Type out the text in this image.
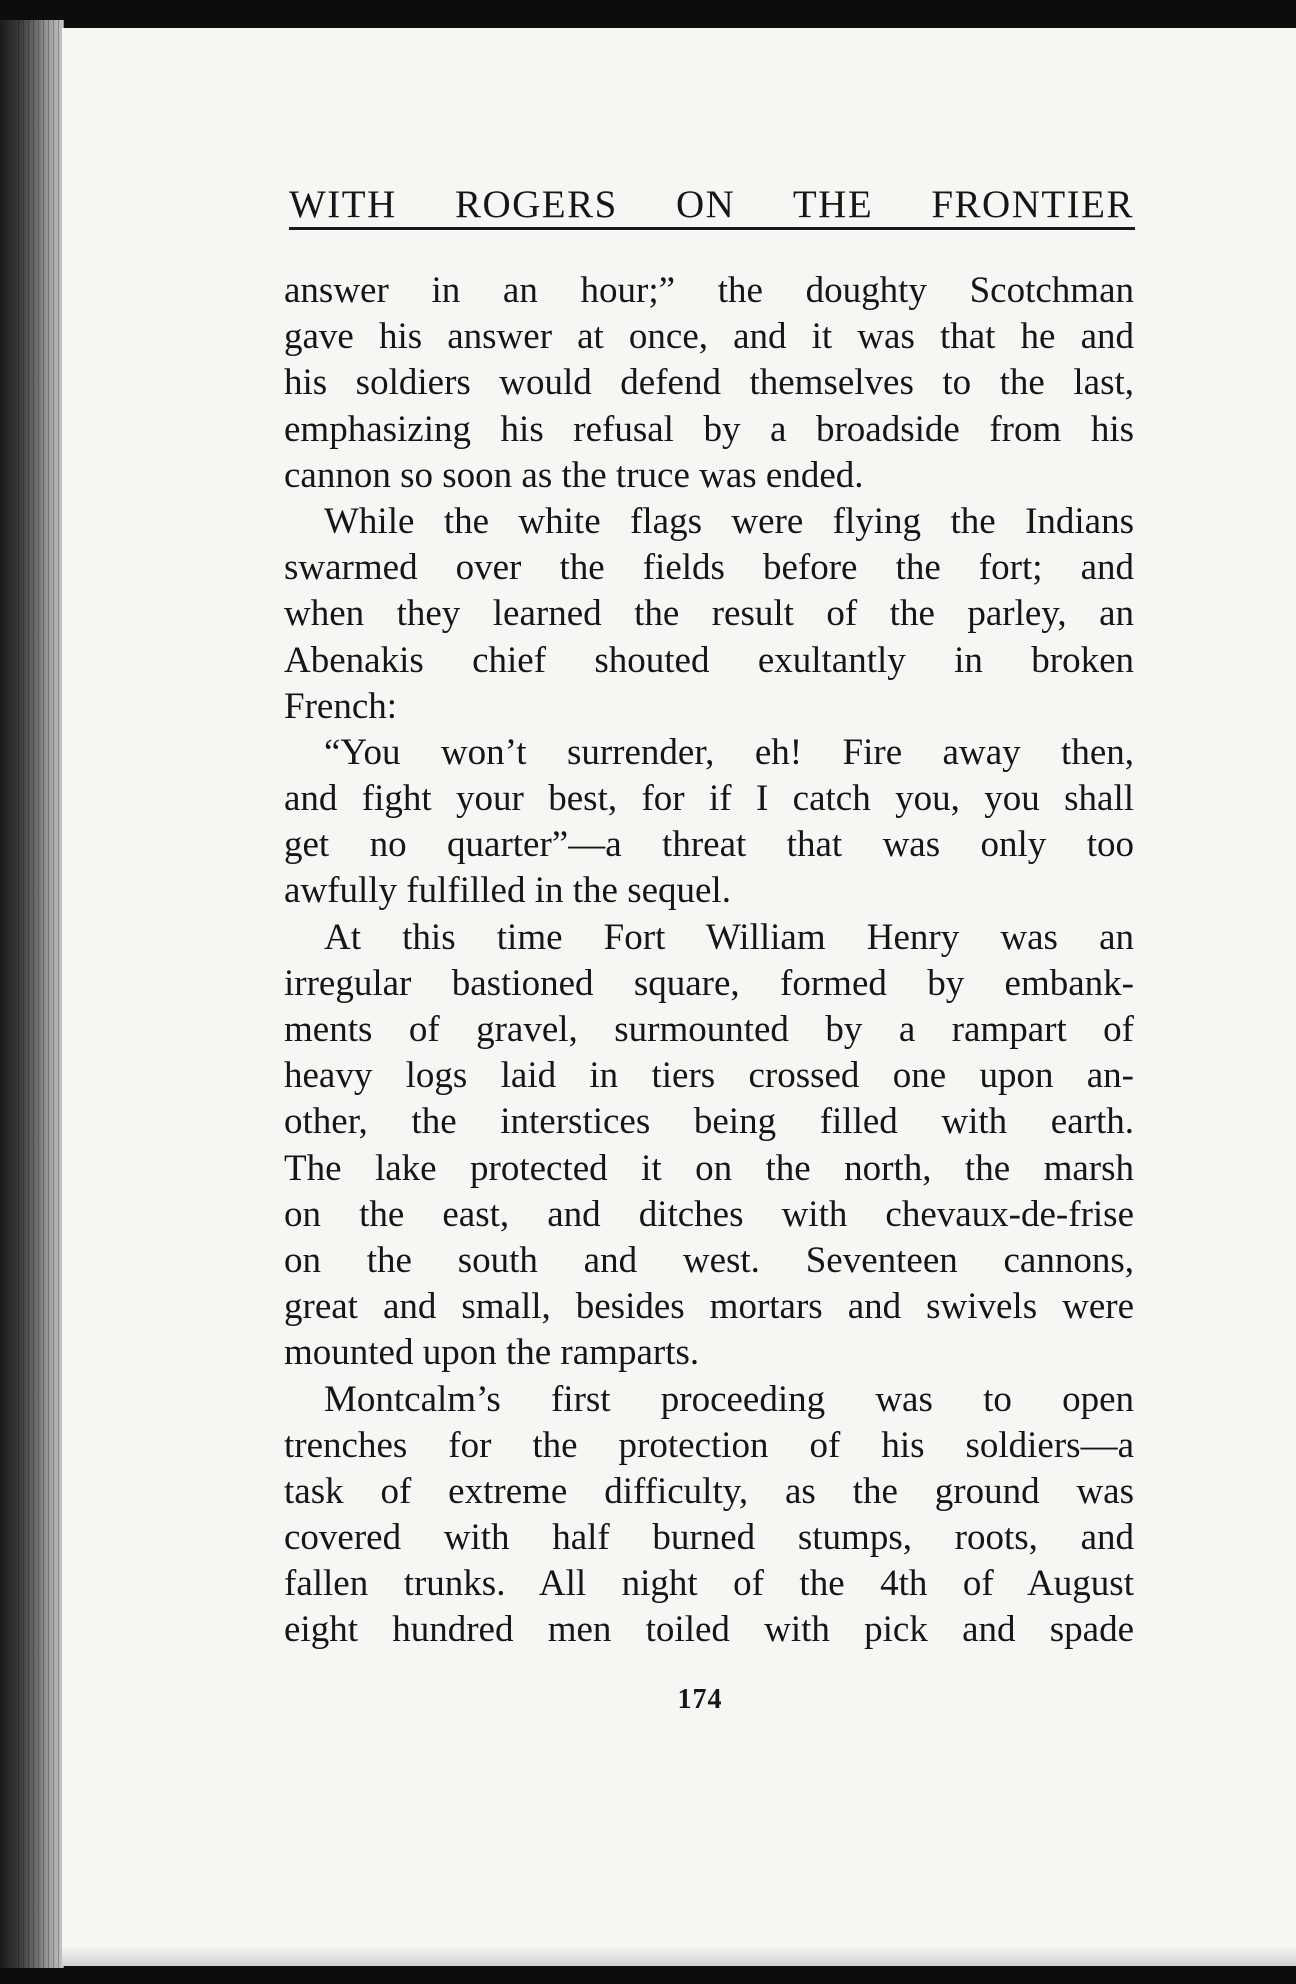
WITH ROGERS ON THE FRONTIER
answer in an hour;” the doughty Scotchman
gave his answer at once, and it was that he and
his soldiers would defend themselves to the last,
emphasizing his refusal by a broadside from his
cannon so soon as the truce was ended.
While the white flags were flying the Indians
swarmed over the fields before the fort; and
when they learned the result of the parley, an
Abenakis chief shouted exultantly in broken
French:
“You won’t surrender, eh! Fire away then,
and fight your best, for if I catch you, you shall
get no quarter”—a threat that was only too
awfully fulfilled in the sequel.
At this time Fort William Henry was an
irregular bastioned square, formed by embank-
ments of gravel, surmounted by a rampart of
heavy logs laid in tiers crossed one upon an-
other, the interstices being filled with earth.
The lake protected it on the north, the marsh
on the east, and ditches with chevaux-de-frise
on the south and west. Seventeen cannons,
great and small, besides mortars and swivels were
mounted upon the ramparts.
Montcalm’s first proceeding was to open
trenches for the protection of his soldiers—a
task of extreme difficulty, as the ground was
covered with half burned stumps, roots, and
fallen trunks. All night of the 4th of August
eight hundred men toiled with pick and spade
174
